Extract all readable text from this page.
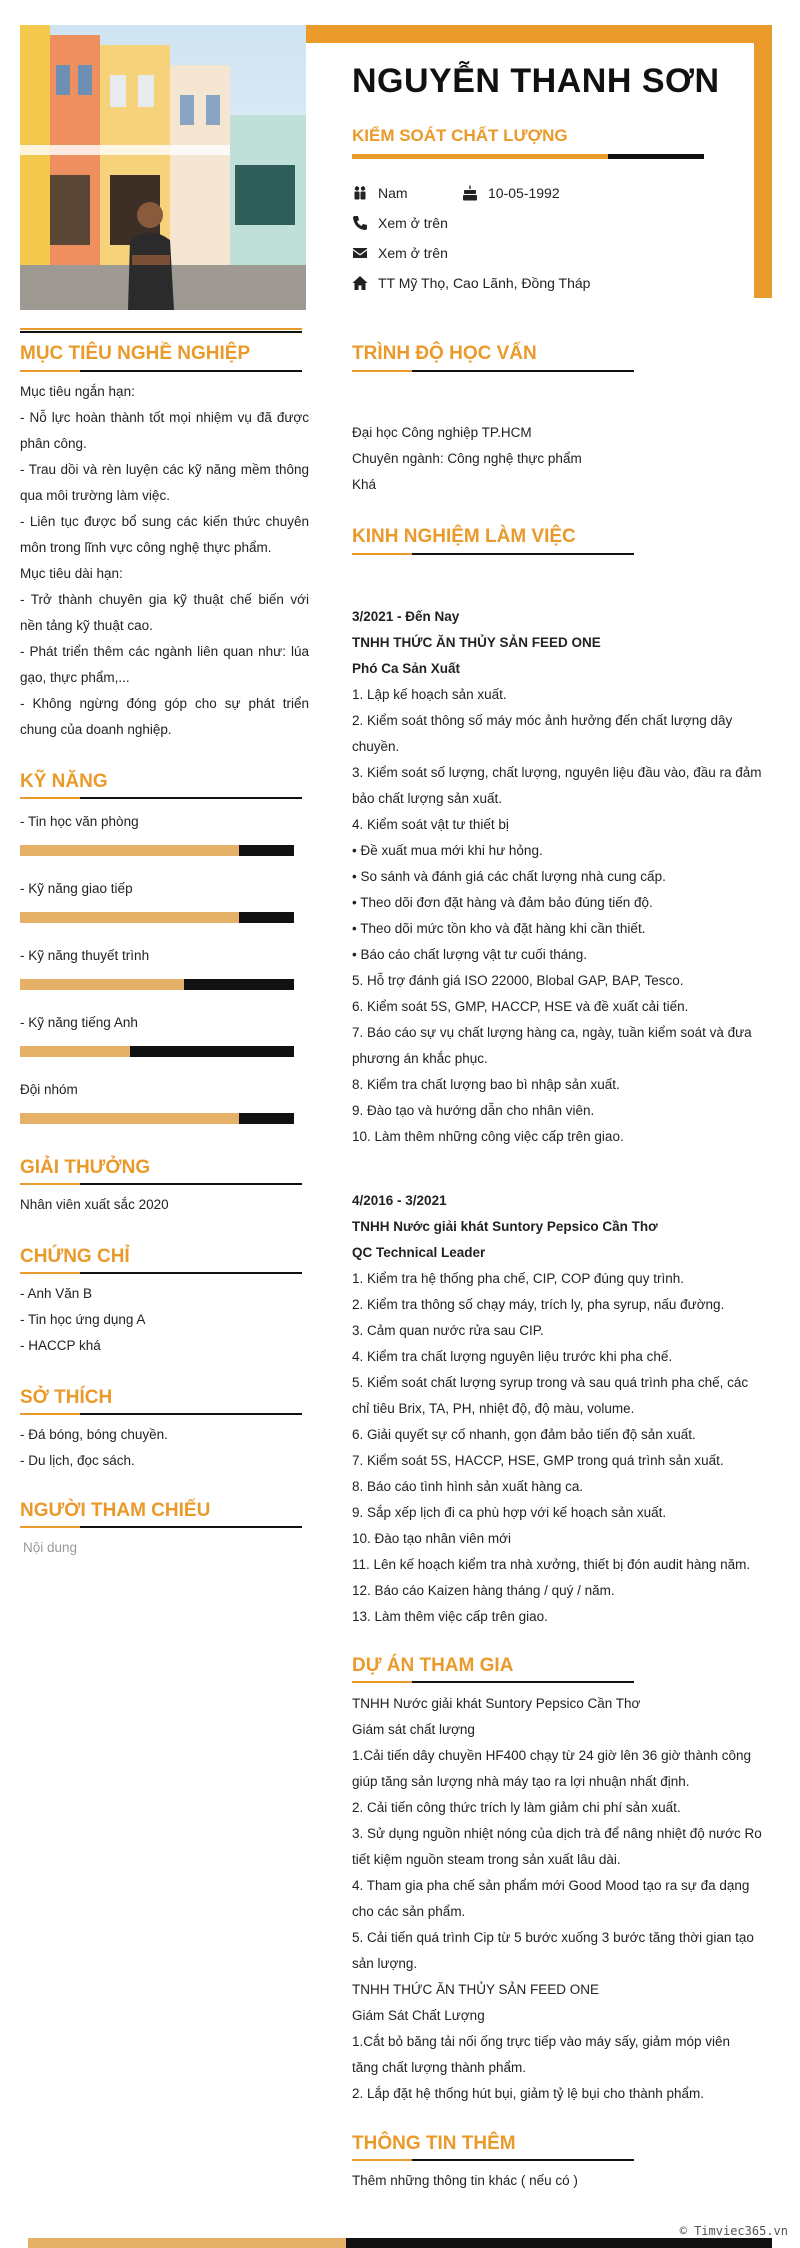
NGUYỄN THANH SƠN
KIỂM SOÁT CHẤT LƯỢNG
Nam	10-05-1992
Xem ở trên
Xem ở trên
TT Mỹ Thọ, Cao Lãnh, Đồng Tháp
MỤC TIÊU NGHỀ NGHIỆP
Mục tiêu ngắn hạn:
- Nỗ lực hoàn thành tốt mọi nhiệm vụ đã được phân công.
- Trau dồi và rèn luyện các kỹ năng mềm thông qua môi trường làm việc.
- Liên tục được bổ sung các kiến thức chuyên môn trong lĩnh vực công nghệ thực phẩm.
Mục tiêu dài hạn:
- Trở thành chuyên gia kỹ thuật chế biến với nền tảng kỹ thuật cao.
- Phát triển thêm các ngành liên quan như: lúa gạo, thực phẩm,...
- Không ngừng đóng góp cho sự phát triển chung của doanh nghiệp.
KỸ NĂNG
- Tin học văn phòng
- Kỹ năng giao tiếp
- Kỹ năng thuyết trình
- Kỹ năng tiếng Anh
Đội nhóm
GIẢI THƯỞNG
Nhân viên xuất sắc 2020
CHỨNG CHỈ
- Anh Văn B
- Tin học ứng dụng A
- HACCP khá
SỞ THÍCH
- Đá bóng, bóng chuyền.
- Du lịch, đọc sách.
NGƯỜI THAM CHIẾU
Nội dung
TRÌNH ĐỘ HỌC VẤN
Đại học Công nghiệp TP.HCM
Chuyên ngành: Công nghệ thực phẩm
Khá
KINH NGHIỆM LÀM VIỆC
3/2021 - Đến Nay
TNHH THỨC ĂN THỦY SẢN FEED ONE
Phó Ca Sản Xuất
1. Lập kế hoạch sản xuất.
2. Kiểm soát thông số máy móc ảnh hưởng đến chất lượng dây
chuyền.
3. Kiểm soát số lượng, chất lượng, nguyên liệu đầu vào, đầu ra đảm
bảo chất lượng sản xuất.
4. Kiểm soát vật tư thiết bị
• Đề xuất mua mới khi hư hỏng.
• So sánh và đánh giá các chất lượng nhà cung cấp.
• Theo dõi đơn đặt hàng và đảm bảo đúng tiến độ.
• Theo dõi mức tồn kho và đặt hàng khi cần thiết.
• Báo cáo chất lượng vật tư cuối tháng.
5. Hỗ trợ đánh giá ISO 22000, Blobal GAP, BAP, Tesco.
6. Kiểm soát 5S, GMP, HACCP, HSE và đề xuất cải tiến.
7. Báo cáo sự vụ chất lượng hàng ca, ngày, tuần kiểm soát và đưa
phương án khắc phục.
8. Kiểm tra chất lượng bao bì nhập sản xuất.
9. Đào tạo và hướng dẫn cho nhân viên.
10. Làm thêm những công việc cấp trên giao.
4/2016 - 3/2021
TNHH Nước giải khát Suntory Pepsico Cần Thơ
QC Technical Leader
1. Kiểm tra hệ thống pha chế, CIP, COP đúng quy trình.
2. Kiểm tra thông số chạy máy, trích ly, pha syrup, nấu đường.
3. Cảm quan nước rửa sau CIP.
4. Kiểm tra chất lượng nguyên liệu trước khi pha chế.
5. Kiểm soát chất lượng syrup trong và sau quá trình pha chế, các
chỉ tiêu Brix, TA, PH, nhiệt độ, độ màu, volume.
6. Giải quyết sự cố nhanh, gọn đảm bảo tiến độ sản xuất.
7. Kiểm soát 5S, HACCP, HSE, GMP trong quá trình sản xuất.
8. Báo cáo tình hình sản xuất hàng ca.
9. Sắp xếp lịch đi ca phù hợp với kế hoạch sản xuất.
10. Đào tạo nhân viên mới
11. Lên kế hoạch kiểm tra nhà xưởng, thiết bị đón audit hàng năm.
12. Báo cáo Kaizen hàng tháng / quý / năm.
13. Làm thêm việc cấp trên giao.
DỰ ÁN THAM GIA
TNHH Nước giải khát Suntory Pepsico Cần Thơ
Giám sát chất lượng
1.Cải tiến dây chuyền HF400 chạy từ 24 giờ lên 36 giờ thành công
giúp tăng sản lượng nhà máy tạo ra lợi nhuận nhất định.
2. Cải tiến công thức trích ly làm giảm chi phí sản xuất.
3. Sử dụng nguồn nhiệt nóng của dịch trà để nâng nhiệt độ nước Ro
tiết kiệm nguồn steam trong sản xuất lâu dài.
4. Tham gia pha chế sản phẩm mới Good Mood tạo ra sự đa dạng
cho các sản phẩm.
5. Cải tiến quá trình Cip từ 5 bước xuống 3 bước tăng thời gian tạo
sản lượng.
TNHH THỨC ĂN THỦY SẢN FEED ONE
Giám Sát Chất Lượng
1.Cắt bỏ băng tải nối ống trực tiếp vào máy sấy, giảm móp viên
tăng chất lượng thành phẩm.
2. Lắp đặt hệ thống hút bụi, giảm tỷ lệ bụi cho thành phẩm.
THÔNG TIN THÊM
Thêm những thông tin khác ( nếu có )
© Timviec365.vn
